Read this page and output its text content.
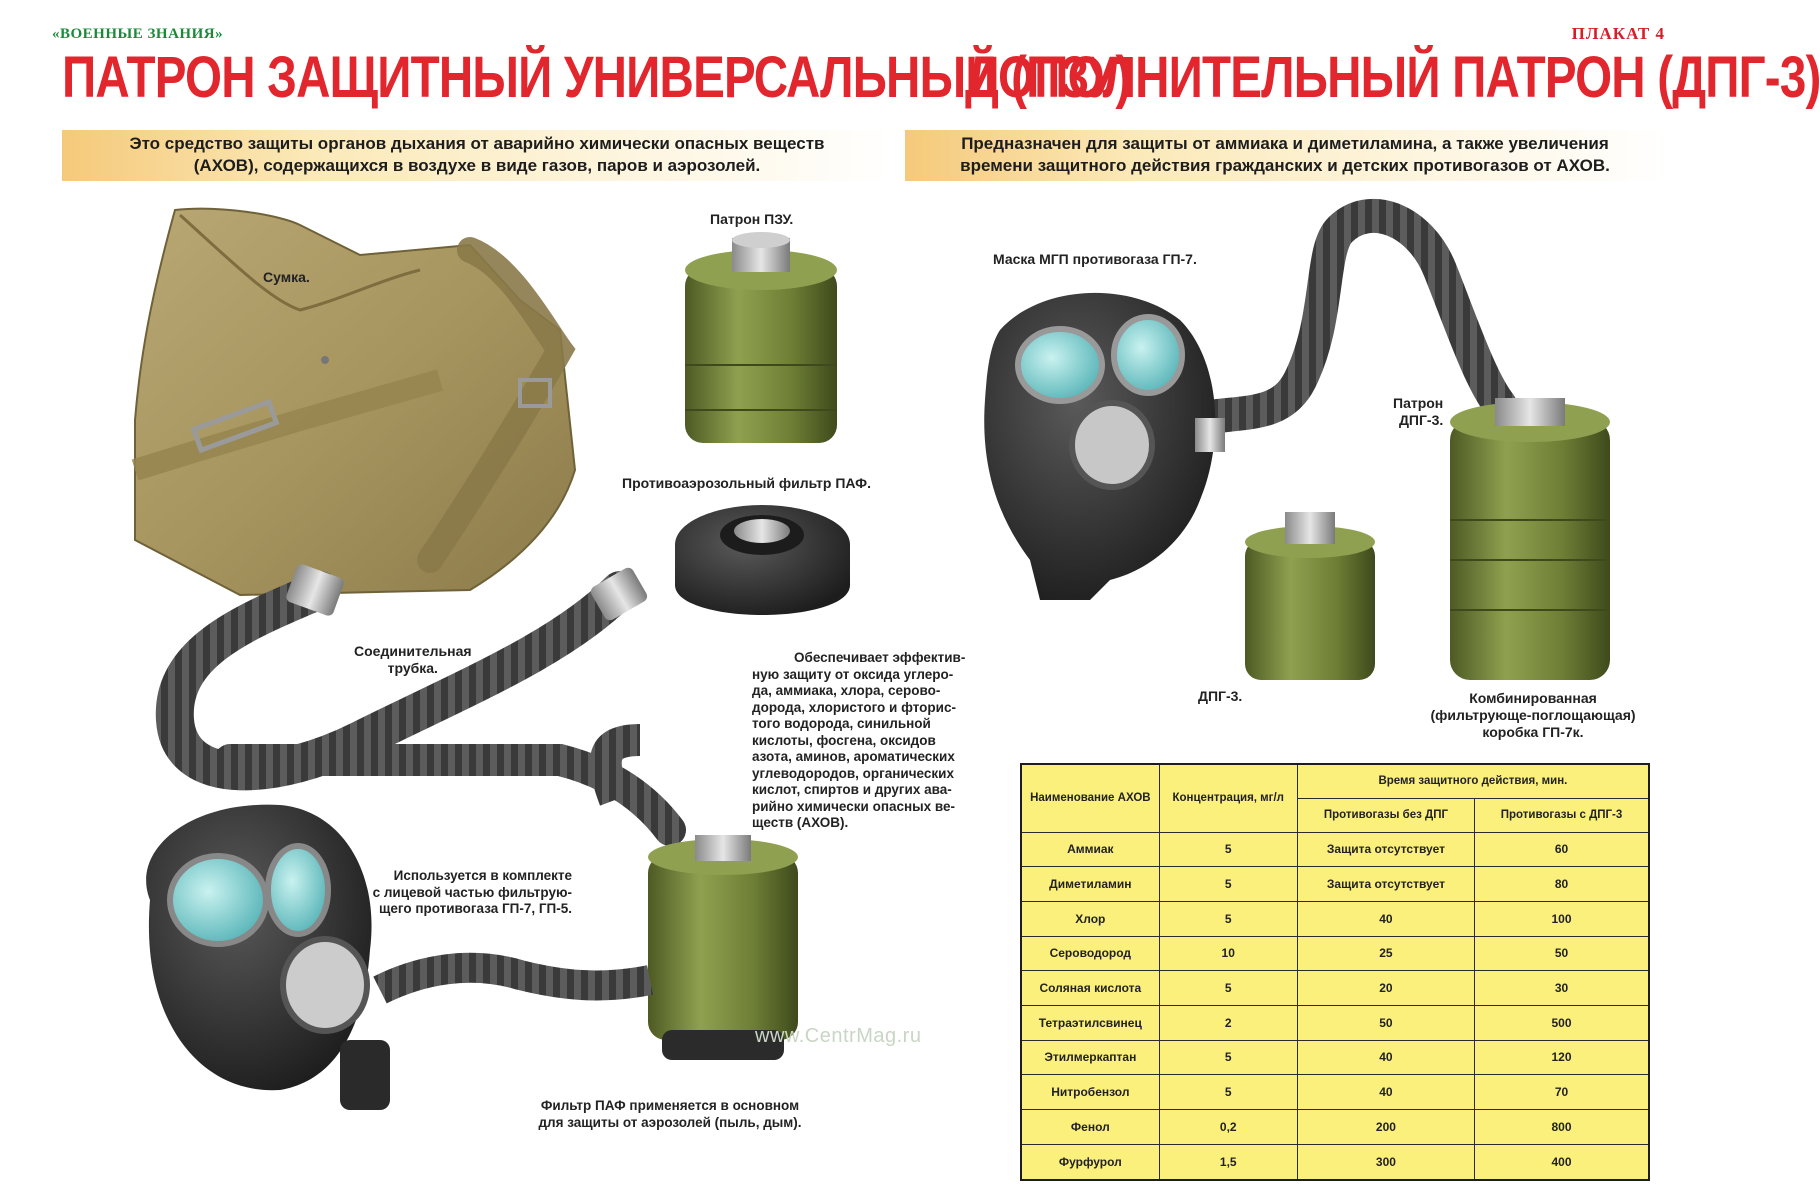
«ВОЕННЫЕ ЗНАНИЯ»	ПЛАКАТ 4
ПАТРОН ЗАЩИТНЫЙ УНИВЕРСАЛЬНЫЙ (ПЗУ)
ДОПОЛНИТЕЛЬНЫЙ ПАТРОН (ДПГ-3)
Это средство защиты органов дыхания от аварийно химически опасных веществ
(АХОВ), содержащихся в воздухе в виде газов, паров и аэрозолей.
Предназначен для защиты от аммиака и диметиламина, а также увеличения
времени защитного действия гражданских и детских противогазов от АХОВ.
Сумка.
Патрон ПЗУ.
Противоаэрозольный фильтр ПАФ.
Соединительная
трубка.
Обеспечивает эффектив-
ную защиту от оксида углеро-
да, аммиака, хлора, серово-
дорода, хлористого и фторис-
того водорода, синильной
кислоты, фосгена, оксидов
азота, аминов, ароматических
углеводородов, органических
кислот, спиртов и других ава-
рийно химически опасных ве-
ществ (АХОВ).
Используется в комплекте
с лицевой частью фильтрую-
щего противогаза ГП-7, ГП-5.
Фильтр ПАФ применяется в основном
для защиты от аэрозолей (пыль, дым).
www.CentrMag.ru
Маска МГП противогаза ГП-7.
Патрон
ДПГ-3.
ДПГ-3.	Комбинированная
(фильтрующе-поглощающая)
коробка ГП-7к.
Наименование АХОВ	Концентрация, мг/л	Время защитного действия, мин.	
		Противогазы без ДПГ	Противогазы с ДПГ-3
Аммиак	5	Защита отсутствует	60
Диметиламин	5	Защита отсутствует	80
Хлор	5	40	100
Сероводород	10	25	50
Соляная кислота	5	20	30
Тетраэтилсвинец	2	50	500
Этилмеркаптан	5	40	120
Нитробензол	5	40	70
Фенол	0,2	200	800
Фурфурол	1,5	300	400
